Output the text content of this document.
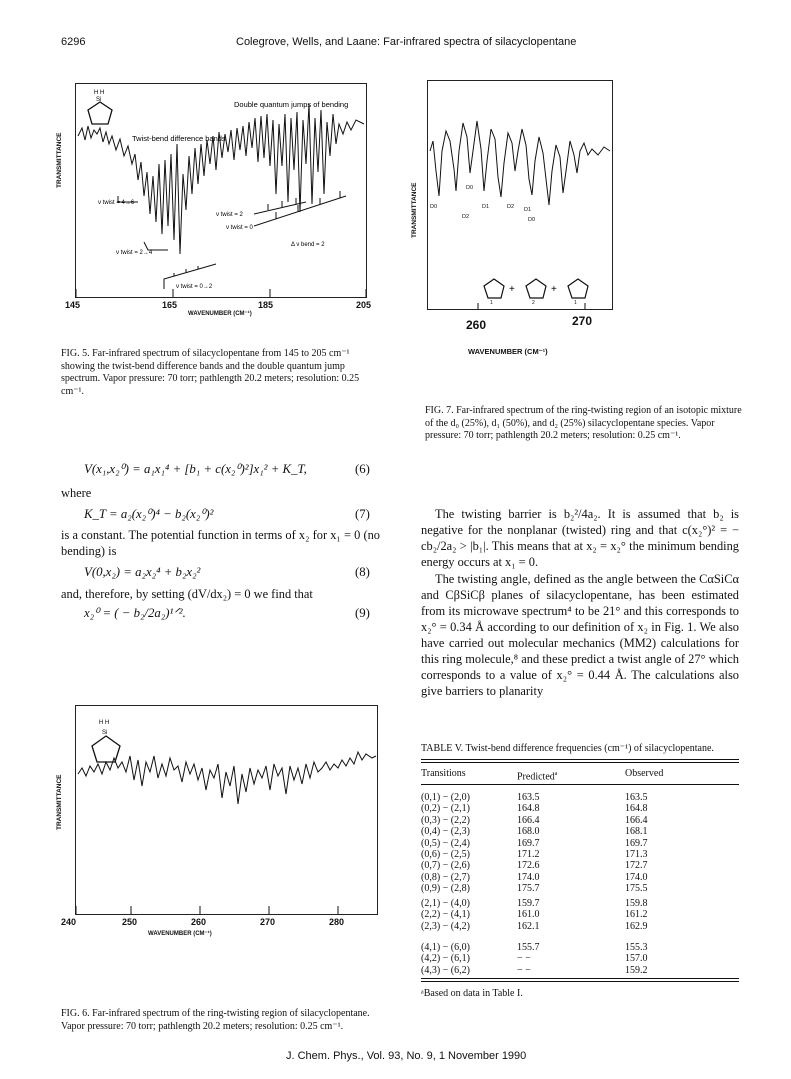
6296	Colegrove, Wells, and Laane: Far-infrared spectra of silacyclopentane
H H
Si	Double quantum jumps of bending
Twist-bend difference bands
ν twist = 4→6
ν twist = 2→4
ν twist = 0→2
ν twist = 2
ν twist = 0
Δ ν bend = 2
TRANSMITTANCE
145	165	185	205
WAVENUMBER (CM⁻¹)
FIG. 5. Far-infrared spectrum of silacyclopentane from 145 to 205 cm⁻¹ showing the twist-bend difference bands and the double quantum jump spectrum. Vapor pressure: 70 torr; pathlength 20.2 meters; resolution: 0.25 cm⁻¹.
+	+
D0	D1
D2
D1
D2
D0
D0
1	2	1
TRANSMITTANCE
260	270
WAVENUMBER (CM⁻¹)
FIG. 7. Far-infrared spectrum of the ring-twisting region of an isotopic mixture of the d₀ (25%), d₁ (50%), and d₂ (25%) silacyclopentane species. Vapor pressure: 70 torr; pathlength 20.2 meters; resolution: 0.25 cm⁻¹.
V(x₁,x₂⁰) = a₁x₁⁴ + [b₁ + c(x₂⁰)²]x₁² + K_T,	(6)
where
K_T = a₂(x₂⁰)⁴ − b₂(x₂⁰)²	(7)
is a constant. The potential function in terms of x₂ for x₁ = 0 (no bending) is
V(0,x₂) = a₂x₂⁴ + b₂x₂²	(8)
and, therefore, by setting (dV/dx₂) = 0 we find that
x₂⁰ = ( − b₂/2a₂)¹ᐟ².	(9)
The twisting barrier is b₂²/4a₂. It is assumed that b₂ is negative for the nonplanar (twisted) ring and that c(x₂°)² = − cb₂/2a₂ > |b₁|. This means that at x₂ = x₂° the minimum bending energy occurs at x₁ = 0.
The twisting angle, defined as the angle between the CαSiCα and CβSiCβ planes of silacyclopentane, has been estimated from its microwave spectrum⁴ to be 21° and this corresponds to x₂° = 0.34 Å according to our definition of x₂ in Fig. 1. We also have carried out molecular mechanics (MM2) calculations for this ring molecule,⁸ and these predict a twist angle of 27° which corresponds to a value of x₂° = 0.44 Å. The calculations also give barriers to planarity
H H
Si
TRANSMITTANCE
240	250	260	270	280
WAVENUMBER (CM⁻¹)
FIG. 6. Far-infrared spectrum of the ring-twisting region of silacyclopentane. Vapor pressure: 70 torr; pathlength 20.2 meters; resolution: 0.25 cm⁻¹.
TABLE V. Twist-bend difference frequencies (cm⁻¹) of silacyclopentane.
Transitions	Predicted$^a$	Observed
(0,1) − (2,0)	163.5	163.5
(0,2) − (2,1)	164.8	164.8
(0,3) − (2,2)	166.4	166.4
(0,4) − (2,3)	168.0	168.1
(0,5) − (2,4)	169.7	169.7
(0,6) − (2,5)	171.2	171.3
(0,7) − (2,6)	172.6	172.7
(0,8) − (2,7)	174.0	174.0
(0,9) − (2,8)	175.7	175.5
(2,1) − (4,0)	159.7	159.8
(2,2) − (4,1)	161.0	161.2
(2,3) − (4,2)	162.1	162.9
(4,1) − (6,0)	155.7	155.3
(4,2) − (6,1)	− −	157.0
(4,3) − (6,2)	− −	159.2
ᵃBased on data in Table I.
J. Chem. Phys., Vol. 93, No. 9, 1 November 1990
